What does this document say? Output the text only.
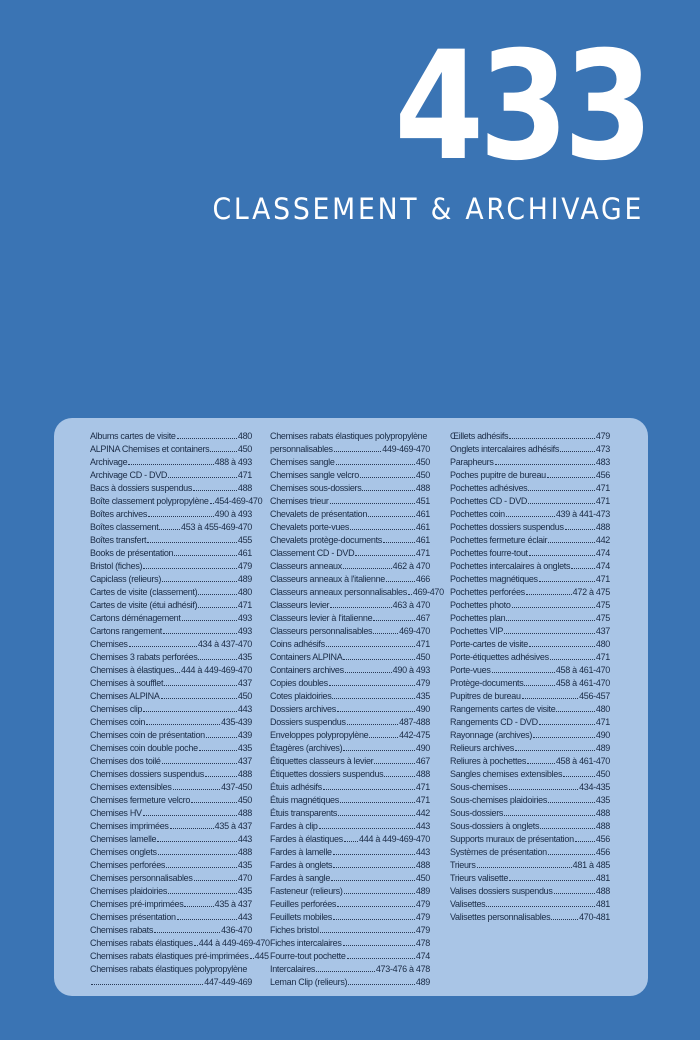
433
CLASSEMENT & ARCHIVAGE
Albums cartes de visite	480
ALPINA Chemises et containers	450
Archivage	488 à 493
Archivage CD - DVD	471
Bacs à dossiers suspendus	488
Boîte classement polypropylène 454-469-470
Boîtes archives	490 à 493
Boîtes classement	453 à 455-469-470
Boîtes transfert	455
Books de présentation	461
Bristol (fiches)	479
Capiclass (relieurs)	489
Cartes de visite (classement)	480
Cartes de visite (étui adhésif)	471
Cartons déménagement	493
Cartons rangement	493
Chemises	434 à 437-470
Chemises 3 rabats perforées	435
Chemises à élastiques 444 à 449-469-470
Chemises à soufflet	437
Chemises ALPINA	450
Chemises clip	443
Chemises coin	435-439
Chemises coin de présentation	439
Chemises coin double poche	435
Chemises dos toilé	437
Chemises dossiers suspendus	488
Chemises extensibles	437-450
Chemises fermeture velcro	450
Chemises HV	488
Chemises imprimées	435 à 437
Chemises lamelle	443
Chemises onglets	488
Chemises perforées	435
Chemises personnalisables	470
Chemises plaidoiries	435
Chemises pré-imprimées	435 à 437
Chemises présentation	443
Chemises rabats	436-470
Chemises rabats élastiques 444 à 449-469-470
Chemises rabats élastiques pré-imprimées 445
Chemises rabats élastiques polypropylène
447-449-469
Chemises rabats élastiques polypropylène
personnalisables	449-469-470
Chemises sangle	450
Chemises sangle velcro	450
Chemises sous-dossiers	488
Chemises trieur	451
Chevalets de présentation	461
Chevalets porte-vues	461
Chevalets protège-documents	461
Classement CD - DVD	471
Classeurs anneaux	462 à 470
Classeurs anneaux à l'italienne	466
Classeurs anneaux personnalisables 469-470
Classeurs levier	463 à 470
Classeurs levier à l'italienne	467
Classeurs personnalisables	469-470
Coins adhésifs	471
Containers ALPINA	450
Containers archives	490 à 493
Copies doubles	479
Cotes plaidoiries	435
Dossiers archives	490
Dossiers suspendus	487-488
Enveloppes polypropylène	442-475
Étagères (archives)	490
Étiquettes classeurs à levier	467
Étiquettes dossiers suspendus	488
Étuis adhésifs	471
Étuis magnétiques	471
Étuis transparents	442
Fardes à clip	443
Fardes à élastiques 444 à 449-469-470
Fardes à lamelle	443
Fardes à onglets	488
Fardes à sangle	450
Fasteneur (relieurs)	489
Feuilles perforées	479
Feuillets mobiles	479
Fiches bristol	479
Fiches intercalaires	478
Fourre-tout pochette	474
Intercalaires	473-476 à 478
Leman Clip (relieurs)	489
Œillets adhésifs	479
Onglets intercalaires adhésifs	473
Parapheurs	483
Poches pupitre de bureau	456
Pochettes adhésives	471
Pochettes CD - DVD	471
Pochettes coin	439 à 441-473
Pochettes dossiers suspendus	488
Pochettes fermeture éclair	442
Pochettes fourre-tout	474
Pochettes intercalaires à onglets	474
Pochettes magnétiques	471
Pochettes perforées	472 à 475
Pochettes photo	475
Pochettes plan	475
Pochettes VIP	437
Porte-cartes de visite	480
Porte-étiquettes adhésives	471
Porte-vues	458 à 461-470
Protège-documents	458 à 461-470
Pupitres de bureau	456-457
Rangements cartes de visite	480
Rangements CD - DVD	471
Rayonnage (archives)	490
Relieurs archives	489
Reliures à pochettes	458 à 461-470
Sangles chemises extensibles	450
Sous-chemises	434-435
Sous-chemises plaidoiries	435
Sous-dossiers	488
Sous-dossiers à onglets	488
Supports muraux de présentation 456
Systèmes de présentation	456
Trieurs	481 à 485
Trieurs valisette	481
Valises dossiers suspendus	488
Valisettes	481
Valisettes personnalisables	470-481
